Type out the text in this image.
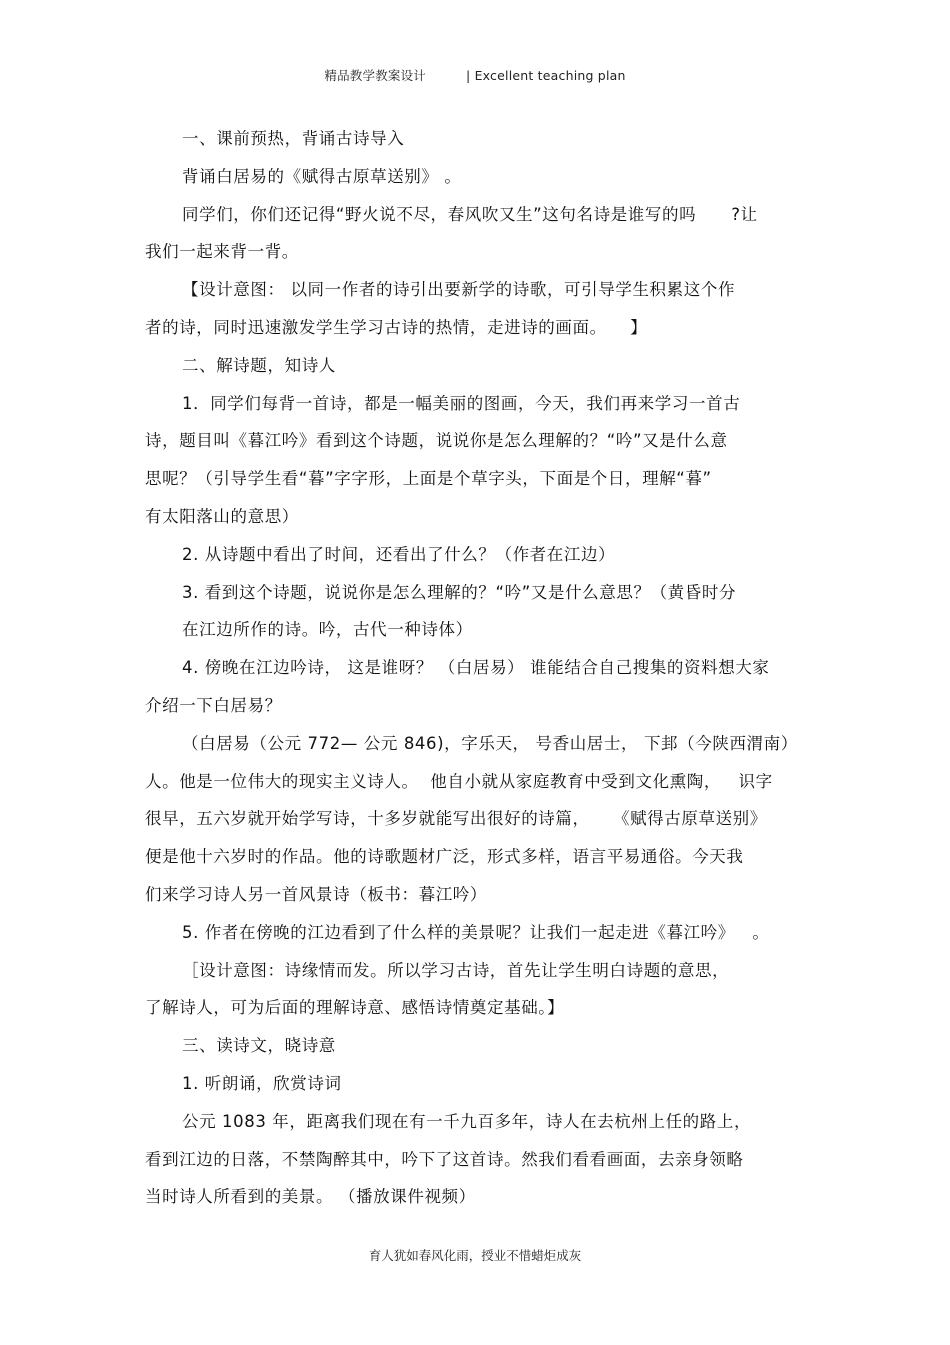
精品教学教案设计	| Excellent teaching plan
一、课前预热，背诵古诗导入
背诵白居易的《赋得古原草送别》 。
同学们，你们还记得“野火说不尽，春风吹又生”这句名诗是谁写的吗      ?让
我们一起来背一背。
【设计意图： 以同一作者的诗引出要新学的诗歌，可引导学生积累这个作
者的诗，同时迅速激发学生学习古诗的热情，走进诗的画面。    】
二、解诗题，知诗人
1．同学们每背一首诗，都是一幅美丽的图画，今天，我们再来学习一首古
诗，题目叫《暮江吟》看到这个诗题，说说你是怎么理解的？“吟”又是什么意
思呢？（引导学生看“暮”字字形，上面是个草字头，下面是个日，理解“暮”
有太阳落山的意思）
2. 从诗题中看出了时间，还看出了什么？（作者在江边）
3. 看到这个诗题，说说你是怎么理解的？“吟”又是什么意思？（黄昏时分
在江边所作的诗。吟，古代一种诗体）
4. 傍晚在江边吟诗， 这是谁呀？ （白居易） 谁能结合自己搜集的资料想大家
介绍一下白居易？
（白居易（公元 772— 公元 846)，字乐天， 号香山居士， 下邽（今陕西渭南）
人。他是一位伟大的现实主义诗人。  他自小就从家庭教育中受到文化熏陶，   识字
很早，五六岁就开始学写诗，十多岁就能写出很好的诗篇，    《赋得古原草送别》
便是他十六岁时的作品。他的诗歌题材广泛，形式多样，语言平易通俗。今天我
们来学习诗人另一首风景诗（板书：暮江吟）
5. 作者在傍晚的江边看到了什么样的美景呢？让我们一起走进《暮江吟》   。
［设计意图：诗缘情而发。所以学习古诗，首先让学生明白诗题的意思，
了解诗人，可为后面的理解诗意、感悟诗情奠定基础。】
三、读诗文，晓诗意
1. 听朗诵，欣赏诗词
公元 1083 年，距离我们现在有一千九百多年，诗人在去杭州上任的路上，
看到江边的日落，不禁陶醉其中，吟下了这首诗。然我们看看画面，去亲身领略
当时诗人所看到的美景。 （播放课件视频）
育人犹如春风化雨，授业不惜蜡炬成灰
